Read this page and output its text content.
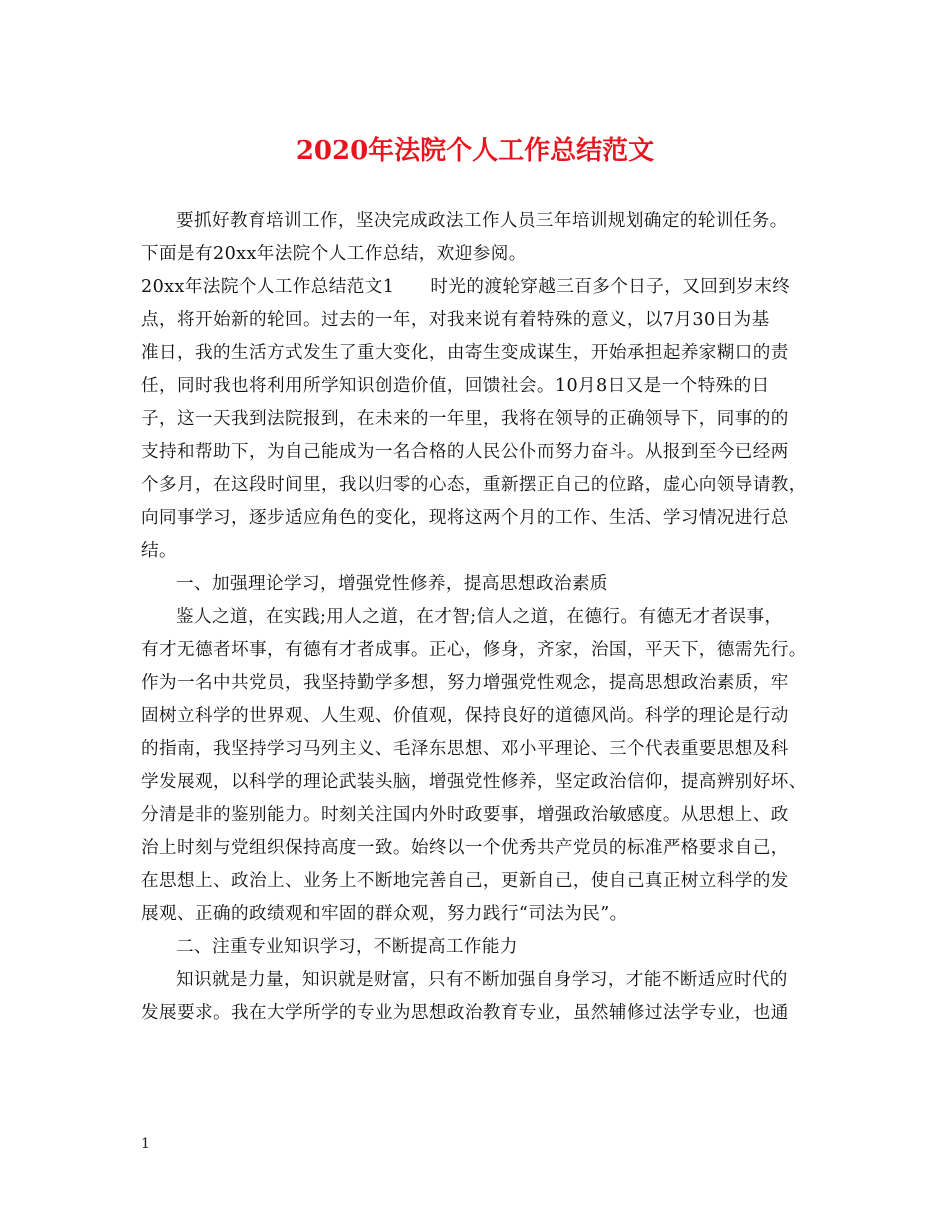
2020年法院个人工作总结范文
要抓好教育培训工作，坚决完成政法工作人员三年培训规划确定的轮训任务。
下面是有20xx年法院个人工作总结，欢迎参阅。
20xx年法院个人工作总结范文1　　时光的渡轮穿越三百多个日子，又回到岁末终
点，将开始新的轮回。过去的一年，对我来说有着特殊的意义，以7月30日为基
准日，我的生活方式发生了重大变化，由寄生变成谋生，开始承担起养家糊口的责
任，同时我也将利用所学知识创造价值，回馈社会。10月8日又是一个特殊的日
子，这一天我到法院报到，在未来的一年里，我将在领导的正确领导下，同事的的
支持和帮助下，为自己能成为一名合格的人民公仆而努力奋斗。从报到至今已经两
个多月，在这段时间里，我以归零的心态，重新摆正自己的位路，虚心向领导请教，
向同事学习，逐步适应角色的变化，现将这两个月的工作、生活、学习情况进行总
结。
一、加强理论学习，增强党性修养，提高思想政治素质
鉴人之道，在实践;用人之道，在才智;信人之道，在德行。有德无才者误事，
有才无德者坏事，有德有才者成事。正心，修身，齐家，治国，平天下，德需先行。
作为一名中共党员，我坚持勤学多想，努力增强党性观念，提高思想政治素质，牢
固树立科学的世界观、人生观、价值观，保持良好的道德风尚。科学的理论是行动
的指南，我坚持学习马列主义、毛泽东思想、邓小平理论、三个代表重要思想及科
学发展观，以科学的理论武装头脑，增强党性修养，坚定政治信仰，提高辨别好坏、
分清是非的鉴别能力。时刻关注国内外时政要事，增强政治敏感度。从思想上、政
治上时刻与党组织保持高度一致。始终以一个优秀共产党员的标准严格要求自己，
在思想上、政治上、业务上不断地完善自己，更新自己，使自己真正树立科学的发
展观、正确的政绩观和牢固的群众观，努力践行“司法为民”。
二、注重专业知识学习，不断提高工作能力
知识就是力量，知识就是财富，只有不断加强自身学习，才能不断适应时代的
发展要求。我在大学所学的专业为思想政治教育专业，虽然辅修过法学专业，也通
1
